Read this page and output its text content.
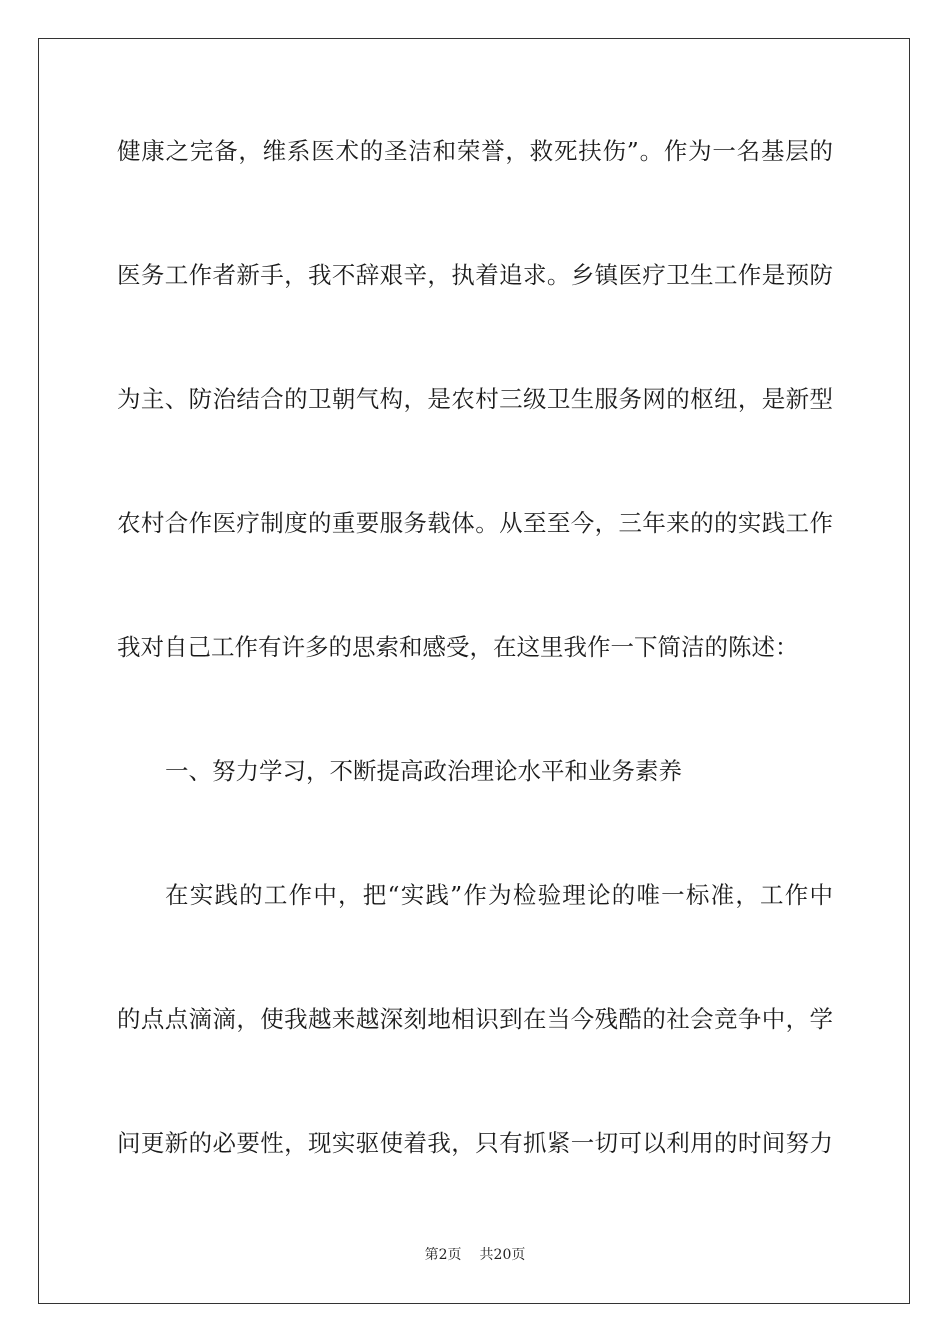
健康之完备，维系医术的圣洁和荣誉，救死扶伤”。作为一名基层的
医务工作者新手，我不辞艰辛，执着追求。乡镇医疗卫生工作是预防
为主、防治结合的卫朝气构，是农村三级卫生服务网的枢纽，是新型
农村合作医疗制度的重要服务载体。从至至今，三年来的的实践工作
我对自己工作有许多的思索和感受，在这里我作一下简洁的陈述：
一、努力学习，不断提高政治理论水平和业务素养
在实践的工作中，把“实践”作为检验理论的唯一标准，工作中
的点点滴滴，使我越来越深刻地相识到在当今残酷的社会竞争中，学
问更新的必要性，现实驱使着我，只有抓紧一切可以利用的时间努力
第2页 共20页
